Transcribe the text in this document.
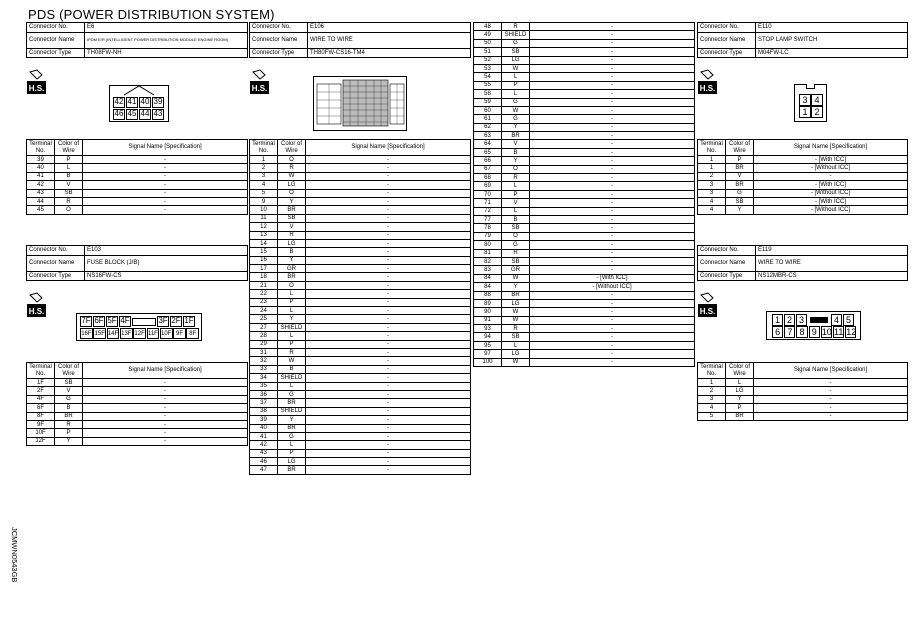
PDS (POWER DISTRIBUTION SYSTEM)
Connector No.	E6
Connector Name	IPDM E/R (INTELLIGENT POWER DISTRIBUTION MODULE ENGINE ROOM)
Connector Type	TH08FW-NH
H.S.
42 41 40 39
46 45 44 43
Terminal No.	Color of Wire	Signal Name [Specification]
39	P	-
40	L	-
41	B	-
42	V	-
43	SB	-
44	R	-
45	O	-
Connector No.	E103
Connector Name	FUSE BLOCK (J/B)
Connector Type	NS16FW-CS
H.S.
7F 6F 5F 4F	3F 2F 1F
16F 15F 14F 13F 12F 11F 10F 9F	8F
Terminal No.	Color of Wire	Signal Name [Specification]
1F	SB	-
2F	V	-
4F	G	-
6F	B	-
8F	BR	-
9F	R	-
10F	P	-
12F	Y	-
Connector No.	E106
Connector Name	WIRE TO WIRE
Connector Type	TH80FW-CS16-TM4
H.S.
Terminal No.	Color of Wire	Signal Name [Specification]
1	O	-
2	R	-
3	W	-
4	LG	-
5	O	-
9	Y	-
10	BR	-
11	SB	-
12	V	-
13	R	-
14	LG	-
15	B	-
16	Y	-
17	GR	-
18	BR	-
21	O	-
22	L	-
23	P	-
24	L	-
25	Y	-
27	SHIELD	-
28	L	-
29	P	-
31	R	-
32	W	-
33	B	-
34	SHIELD	-
35	L	-
36	G	-
37	BR	-
38	SHIELD	-
39	Y	-
40	BR	-
41	G	-
42	L	-
43	P	-
46	LG	-
47	BR	-
48	R	-
49	SHIELD	-
50	G	-
51	SB	-
52	LG	-
53	W	-
54	L	-
55	P	-
58	L	-
59	G	-
60	W	-
61	G	-
62	Y	-
63	BR	-
64	V	-
65	B	-
66	Y	-
67	O	-
68	R	-
69	L	-
70	P	-
71	V	-
72	L	-
77	B	-
78	SB	-
79	O	-
80	G	-
81	R	-
82	SB	-
83	GR	-
84	W	- [With ICC]
84	Y	- [Without ICC]
88	BR	-
89	LG	-
90	W	-
91	W	-
93	R	-
94	SB	-
95	L	-
97	LG	-
100	W	-
Connector No.	E110
Connector Name	STOP LAMP SWITCH
Connector Type	M04FW-LC
H.S.
3 4
1 2
Terminal No.	Color of Wire	Signal Name [Specification]
1	P	- [With ICC]
1	BR	- [Without ICC]
2	V	-
3	BR	- [With ICC]
3	G	- [Without ICC]
4	SB	- [With ICC]
4	Y	- [Without ICC]
Connector No.	E119
Connector Name	WIRE TO WIRE
Connector Type	NS12MBR-CS
H.S.
1 2 3	4 5
6 7 8 9 10 11 12
Terminal No.	Color of Wire	Signal Name [Specification]
1	L	-
2	LG	-
3	Y	-
4	P	-
5	BR	-
JCMWN0543GB
